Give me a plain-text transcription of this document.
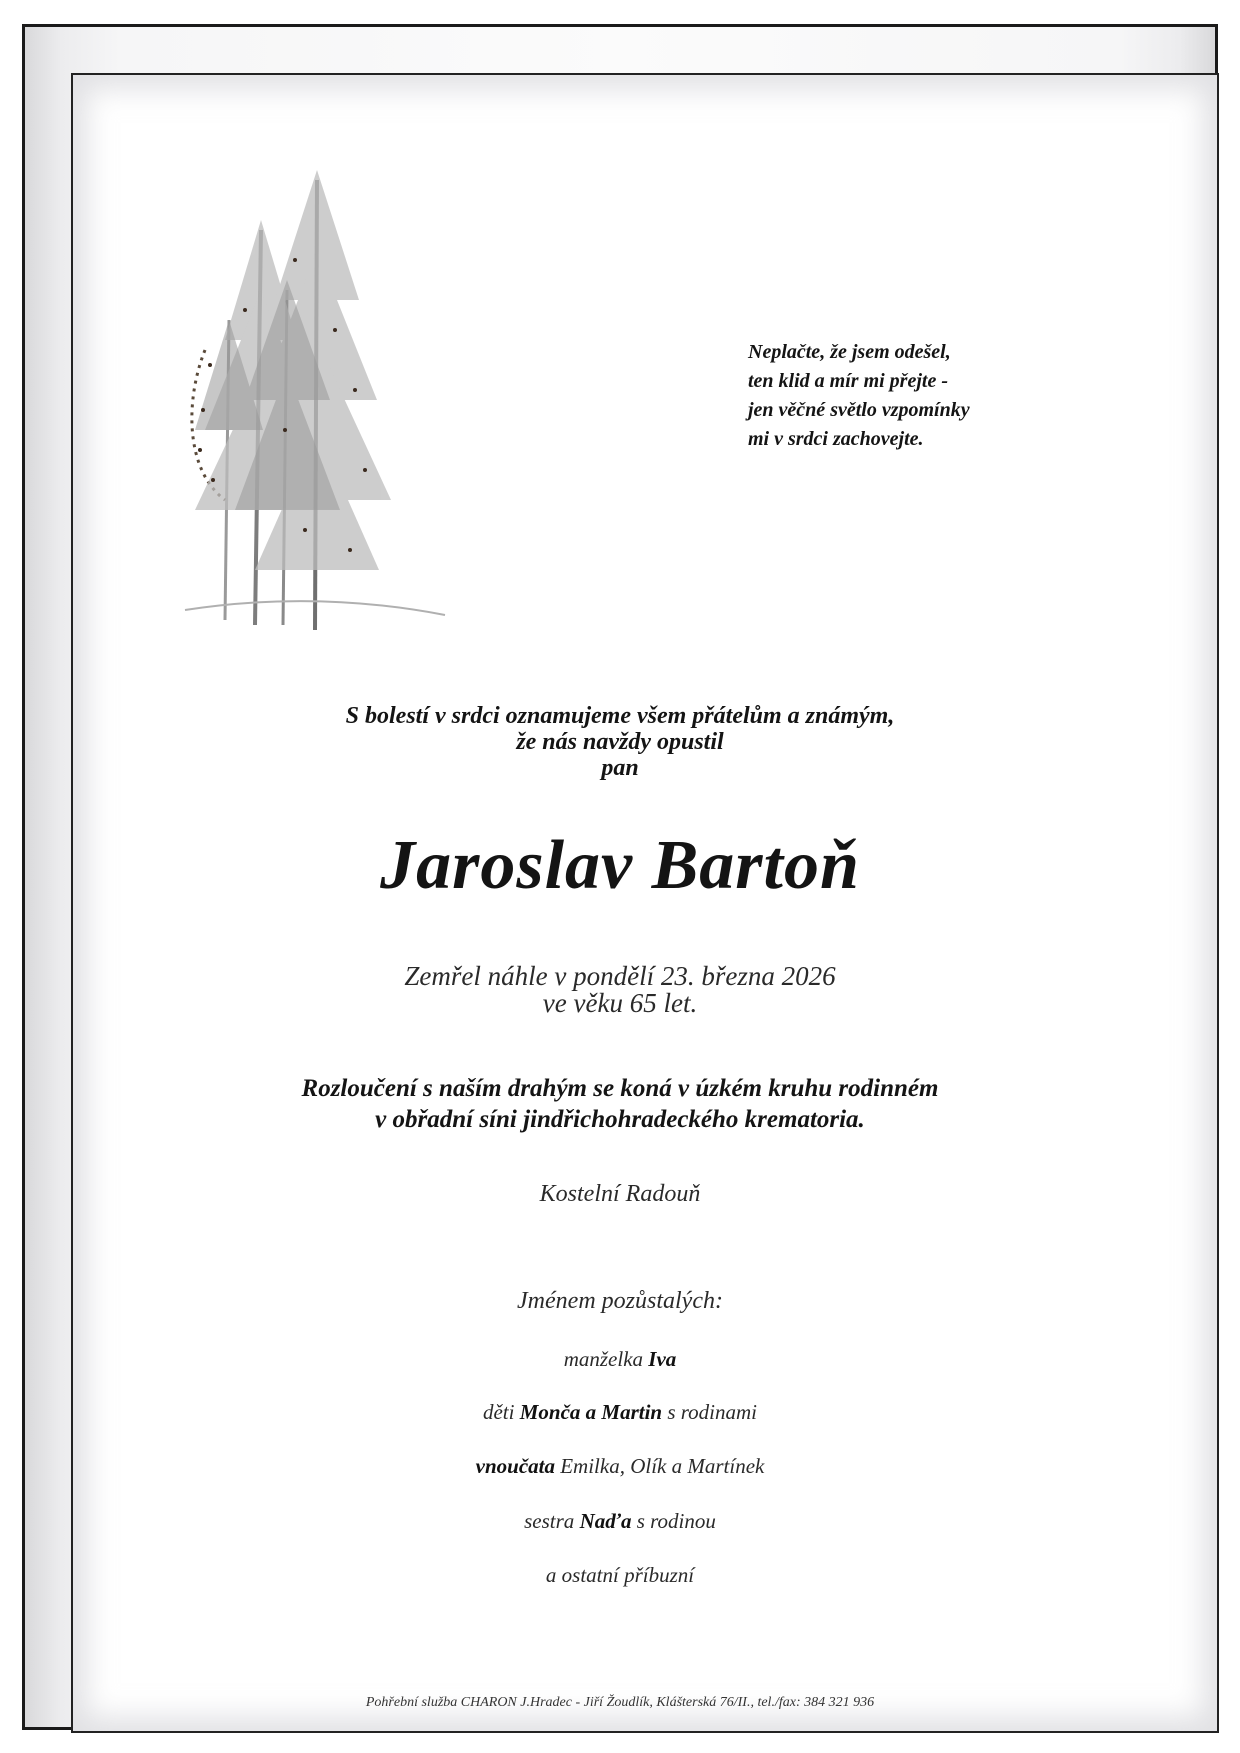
Neplačte, že jsem odešel,
ten klid a mír mi přejte -
jen věčné světlo vzpomínky
mi v srdci zachovejte.
S bolestí v srdci oznamujeme všem přátelům a známým,
že nás navždy opustil
pan
Jaroslav Bartoň
Zemřel náhle v pondělí 23. března 2026
ve věku 65 let.
Rozloučení s naším drahým se koná v úzkém kruhu rodinném
v obřadní síni jindřichohradeckého krematoria.
Kostelní Radouň
Jménem pozůstalých:
manželka Iva
děti Monča a Martin s rodinami
vnoučata Emilka, Olík a Martínek
sestra Naďa s rodinou
a ostatní příbuzní
Pohřební služba CHARON J.Hradec - Jiří Žoudlík, Klášterská 76/II., tel./fax: 384 321 936
